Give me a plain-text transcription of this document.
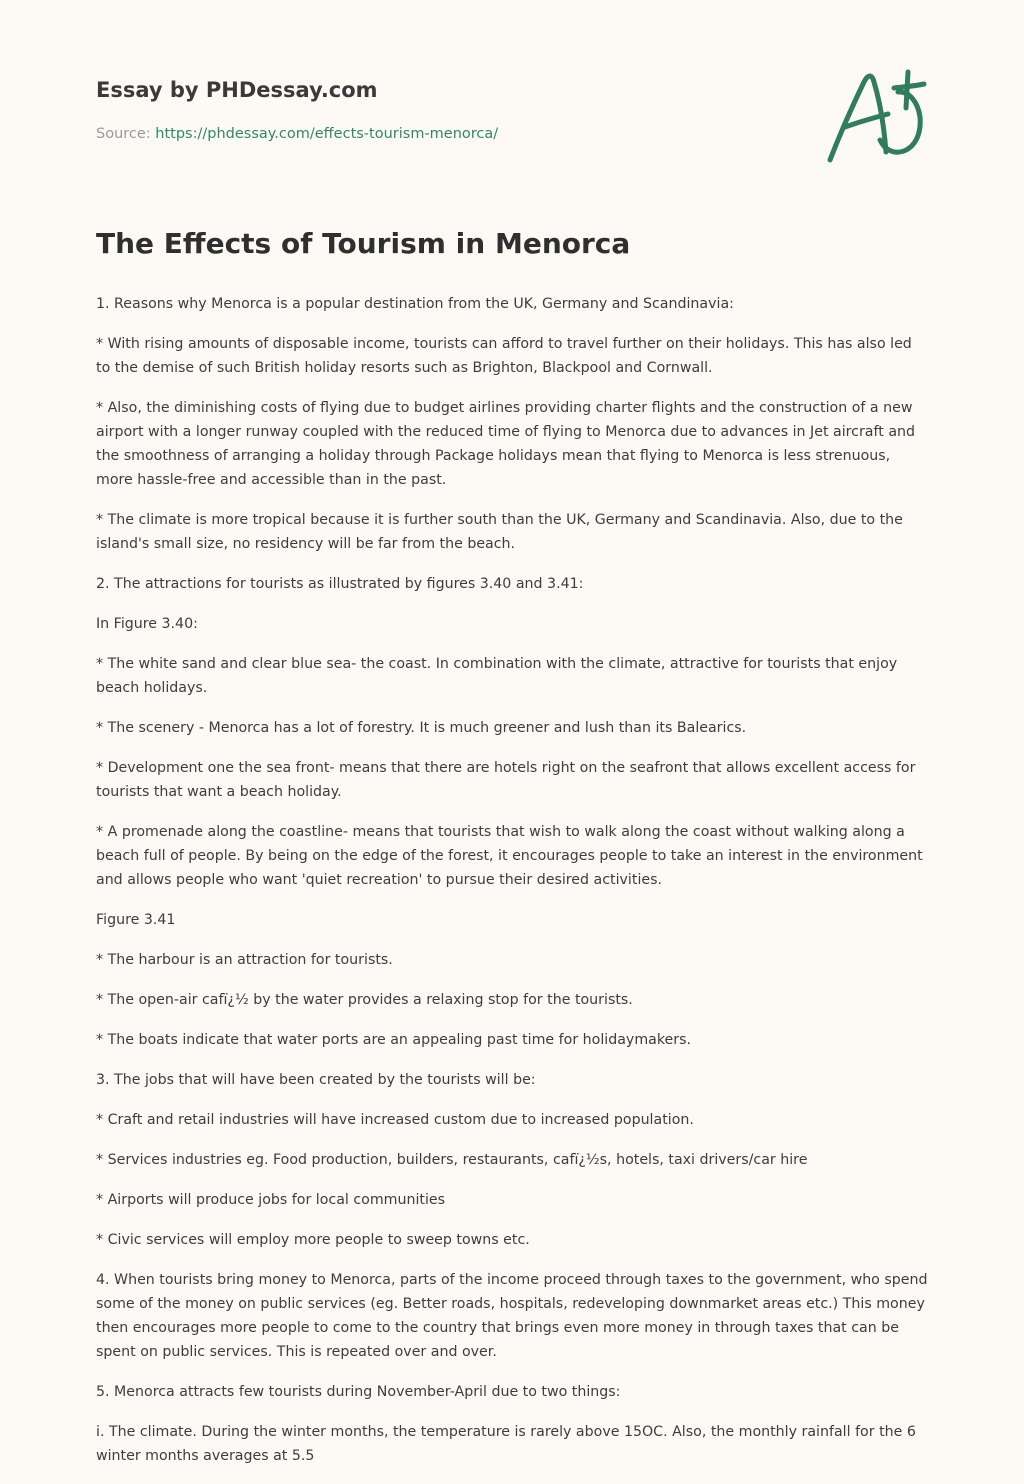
Essay by PHDessay.com
Source: https://phdessay.com/effects-tourism-menorca/
The Effects of Tourism in Menorca

1. Reasons why Menorca is a popular destination from the UK, Germany and Scandinavia:

* With rising amounts of disposable income, tourists can afford to travel further on their holidays. This has also led to the demise of such British holiday resorts such as Brighton, Blackpool and Cornwall.

* Also, the diminishing costs of flying due to budget airlines providing charter flights and the construction of a new airport with a longer runway coupled with the reduced time of flying to Menorca due to advances in Jet aircraft and the smoothness of arranging a holiday through Package holidays mean that flying to Menorca is less strenuous, more hassle-free and accessible than in the past.

* The climate is more tropical because it is further south than the UK, Germany and Scandinavia. Also, due to the island's small size, no residency will be far from the beach.

2. The attractions for tourists as illustrated by figures 3.40 and 3.41:

In Figure 3.40:

* The white sand and clear blue sea- the coast. In combination with the climate, attractive for tourists that enjoy beach holidays.

* The scenery - Menorca has a lot of forestry. It is much greener and lush than its Balearics.

* Development one the sea front- means that there are hotels right on the seafront that allows excellent access for tourists that want a beach holiday.

* A promenade along the coastline- means that tourists that wish to walk along the coast without walking along a beach full of people. By being on the edge of the forest, it encourages people to take an interest in the environment and allows people who want 'quiet recreation' to pursue their desired activities.

Figure 3.41

* The harbour is an attraction for tourists.

* The open-air cafï¿½ by the water provides a relaxing stop for the tourists.

* The boats indicate that water ports are an appealing past time for holidaymakers.

3. The jobs that will have been created by the tourists will be:

* Craft and retail industries will have increased custom due to increased population.

* Services industries eg. Food production, builders, restaurants, cafï¿½s, hotels, taxi drivers/car hire

* Airports will produce jobs for local communities

* Civic services will employ more people to sweep towns etc.

4. When tourists bring money to Menorca, parts of the income proceed through taxes to the government, who spend some of the money on public services (eg. Better roads, hospitals, redeveloping downmarket areas etc.) This money then encourages more people to come to the country that brings even more money in through taxes that can be spent on public services. This is repeated over and over.

5. Menorca attracts few tourists during November-April due to two things:

i. The climate. During the winter months, the temperature is rarely above 15OC. Also, the monthly rainfall for the 6 winter months averages at 5.5
